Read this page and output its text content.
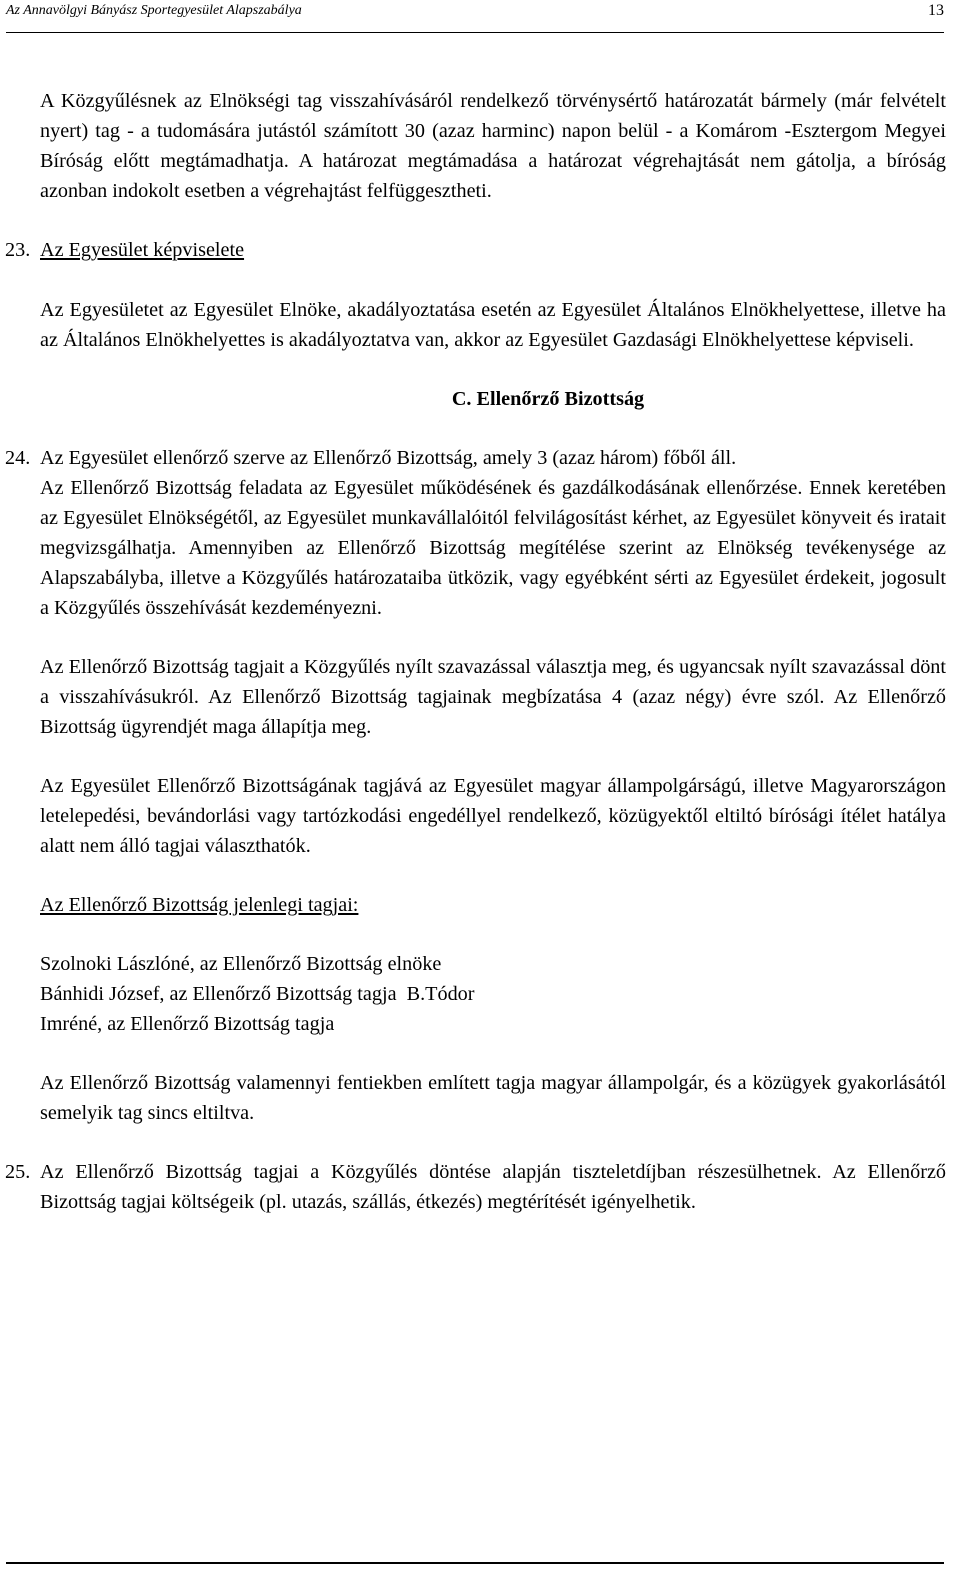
Az Annavölgyi Bányász Sportegyesület Alapszabálya	13

A Közgyűlésnek az Elnökségi tag visszahívásáról rendelkező törvénysértő határozatát bármely (már felvételt nyert) tag - a tudomására jutástól számított 30 (azaz harminc) napon belül - a Komárom -Esztergom Megyei Bíróság előtt megtámadhatja. A határozat megtámadása a határozat végrehajtását nem gátolja, a bíróság azonban indokolt esetben a végrehajtást felfüggesztheti.

23. Az Egyesület képviselete

Az Egyesületet az Egyesület Elnöke, akadályoztatása esetén az Egyesület Általános Elnökhelyettese, illetve ha az Általános Elnökhelyettes is akadályoztatva van, akkor az Egyesület Gazdasági Elnökhelyettese képviseli.

C. Ellenőrző Bizottság

24. Az Egyesület ellenőrző szerve az Ellenőrző Bizottság, amely 3 (azaz három) főből áll.

Az Ellenőrző Bizottság feladata az Egyesület működésének és gazdálkodásának ellenőrzése. Ennek keretében az Egyesület Elnökségétől, az Egyesület munkavállalóitól felvilágosítást kérhet, az Egyesület könyveit és iratait megvizsgálhatja. Amennyiben az Ellenőrző Bizottság megítélése szerint az Elnökség tevékenysége az Alapszabályba, illetve a Közgyűlés határozataiba ütközik, vagy egyébként sérti az Egyesület érdekeit, jogosult a Közgyűlés összehívását kezdeményezni.

Az Ellenőrző Bizottság tagjait a Közgyűlés nyílt szavazással választja meg, és ugyancsak nyílt szavazással dönt a visszahívásukról. Az Ellenőrző Bizottság tagjainak megbízatása 4 (azaz négy) évre szól. Az Ellenőrző Bizottság ügyrendjét maga állapítja meg.

Az Egyesület Ellenőrző Bizottságának tagjává az Egyesület magyar állampolgárságú, illetve Magyarországon letelepedési, bevándorlási vagy tartózkodási engedéllyel rendelkező, közügyektől eltiltó bírósági ítélet hatálya alatt nem álló tagjai választhatók.

Az Ellenőrző Bizottság jelenlegi tagjai:

Szolnoki Lászlóné, az Ellenőrző Bizottság elnöke

Bánhidi József, az Ellenőrző Bizottság tagja  B.Tódor

Imréné, az Ellenőrző Bizottság tagja

Az Ellenőrző Bizottság valamennyi fentiekben említett tagja magyar állampolgár, és a közügyek gyakorlásától semelyik tag sincs eltiltva.

25. Az Ellenőrző Bizottság tagjai a Közgyűlés döntése alapján tiszteletdíjban részesülhetnek. Az Ellenőrző Bizottság tagjai költségeik (pl. utazás, szállás, étkezés) megtérítését igényelhetik.
